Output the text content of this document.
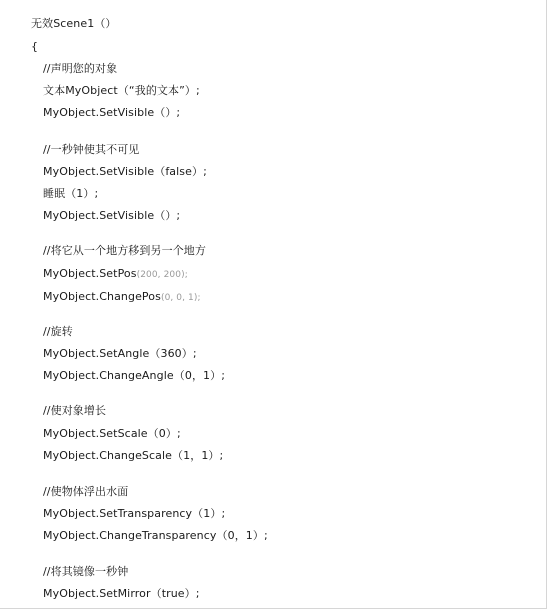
无效Scene1（）
{
//声明您的对象
文本MyObject（“我的文本”）;
MyObject.SetVisible（）;
//一秒钟使其不可见
MyObject.SetVisible（false）;
睡眠（1）;
MyObject.SetVisible（）;
//将它从一个地方移到另一个地方
MyObject.SetPos(200, 200);
MyObject.ChangePos(0, 0, 1);
//旋转
MyObject.SetAngle（360）;
MyObject.ChangeAngle（0，1）;
//使对象增长
MyObject.SetScale（0）;
MyObject.ChangeScale（1，1）;
//使物体浮出水面
MyObject.SetTransparency（1）;
MyObject.ChangeTransparency（0，1）;
//将其镜像一秒钟
MyObject.SetMirror（true）;
